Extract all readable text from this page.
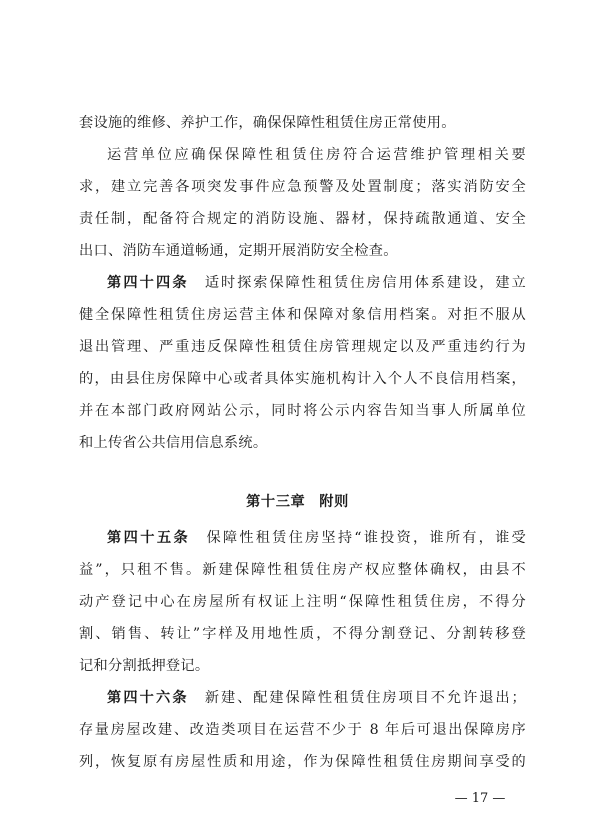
套设施的维修、养护工作，确保保障性租赁住房正常使用。
运营单位应确保保障性租赁住房符合运营维护管理相关要
求，建立完善各项突发事件应急预警及处置制度；落实消防安全
责任制，配备符合规定的消防设施、器材，保持疏散通道、安全
出口、消防车通道畅通，定期开展消防安全检查。
第四十四条　 适时探索保障性租赁住房信用体系建设，建立
健全保障性租赁住房运营主体和保障对象信用档案。对拒不服从
退出管理、严重违反保障性租赁住房管理规定以及严重违约行为
的，由县住房保障中心或者具体实施机构计入个人不良信用档案，
并在本部门政府网站公示，同时将公示内容告知当事人所属单位
和上传省公共信用信息系统。
第十三章 附则
第四十五条　 保障性租赁住房坚持“谁投资，谁所有，谁受
益”，只租不售。新建保障性租赁住房产权应整体确权，由县不
动产登记中心在房屋所有权证上注明“保障性租赁住房，不得分
割、销售、转让”字样及用地性质，不得分割登记、分割转移登
记和分割抵押登记。
第四十六条　 新建、配建保障性租赁住房项目不允许退出；
存量房屋改建、改造类项目在运营不少于 8 年后可退出保障房序
列，恢复原有房屋性质和用途，作为保障性租赁住房期间享受的
— 17 —
